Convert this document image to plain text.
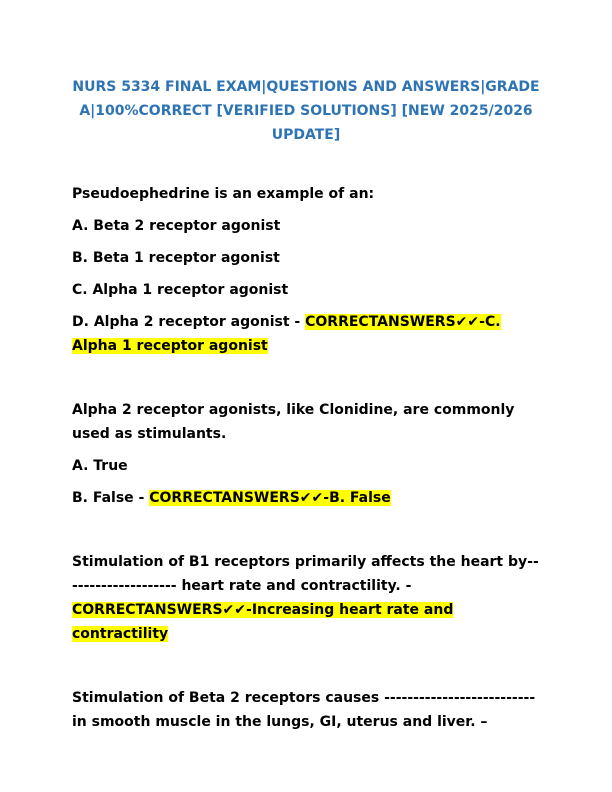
NURS 5334 FINAL EXAM|QUESTIONS AND ANSWERS|GRADE A|100%CORRECT [VERIFIED SOLUTIONS] [NEW 2025/2026 UPDATE]
Pseudoephedrine is an example of an:
A. Beta 2 receptor agonist
B. Beta 1 receptor agonist
C. Alpha 1 receptor agonist
D. Alpha 2 receptor agonist - CORRECTANSWERS✔✔-C. Alpha 1 receptor agonist
Alpha 2 receptor agonists, like Clonidine, are commonly used as stimulants.
A. True
B. False - CORRECTANSWERS✔✔-B. False
Stimulation of B1 receptors primarily affects the heart by-------------------- heart rate and contractility. - CORRECTANSWERS✔✔-Increasing heart rate and contractility
Stimulation of Beta 2 receptors causes -------------------------- in smooth muscle in the lungs, GI, uterus and liver. –
